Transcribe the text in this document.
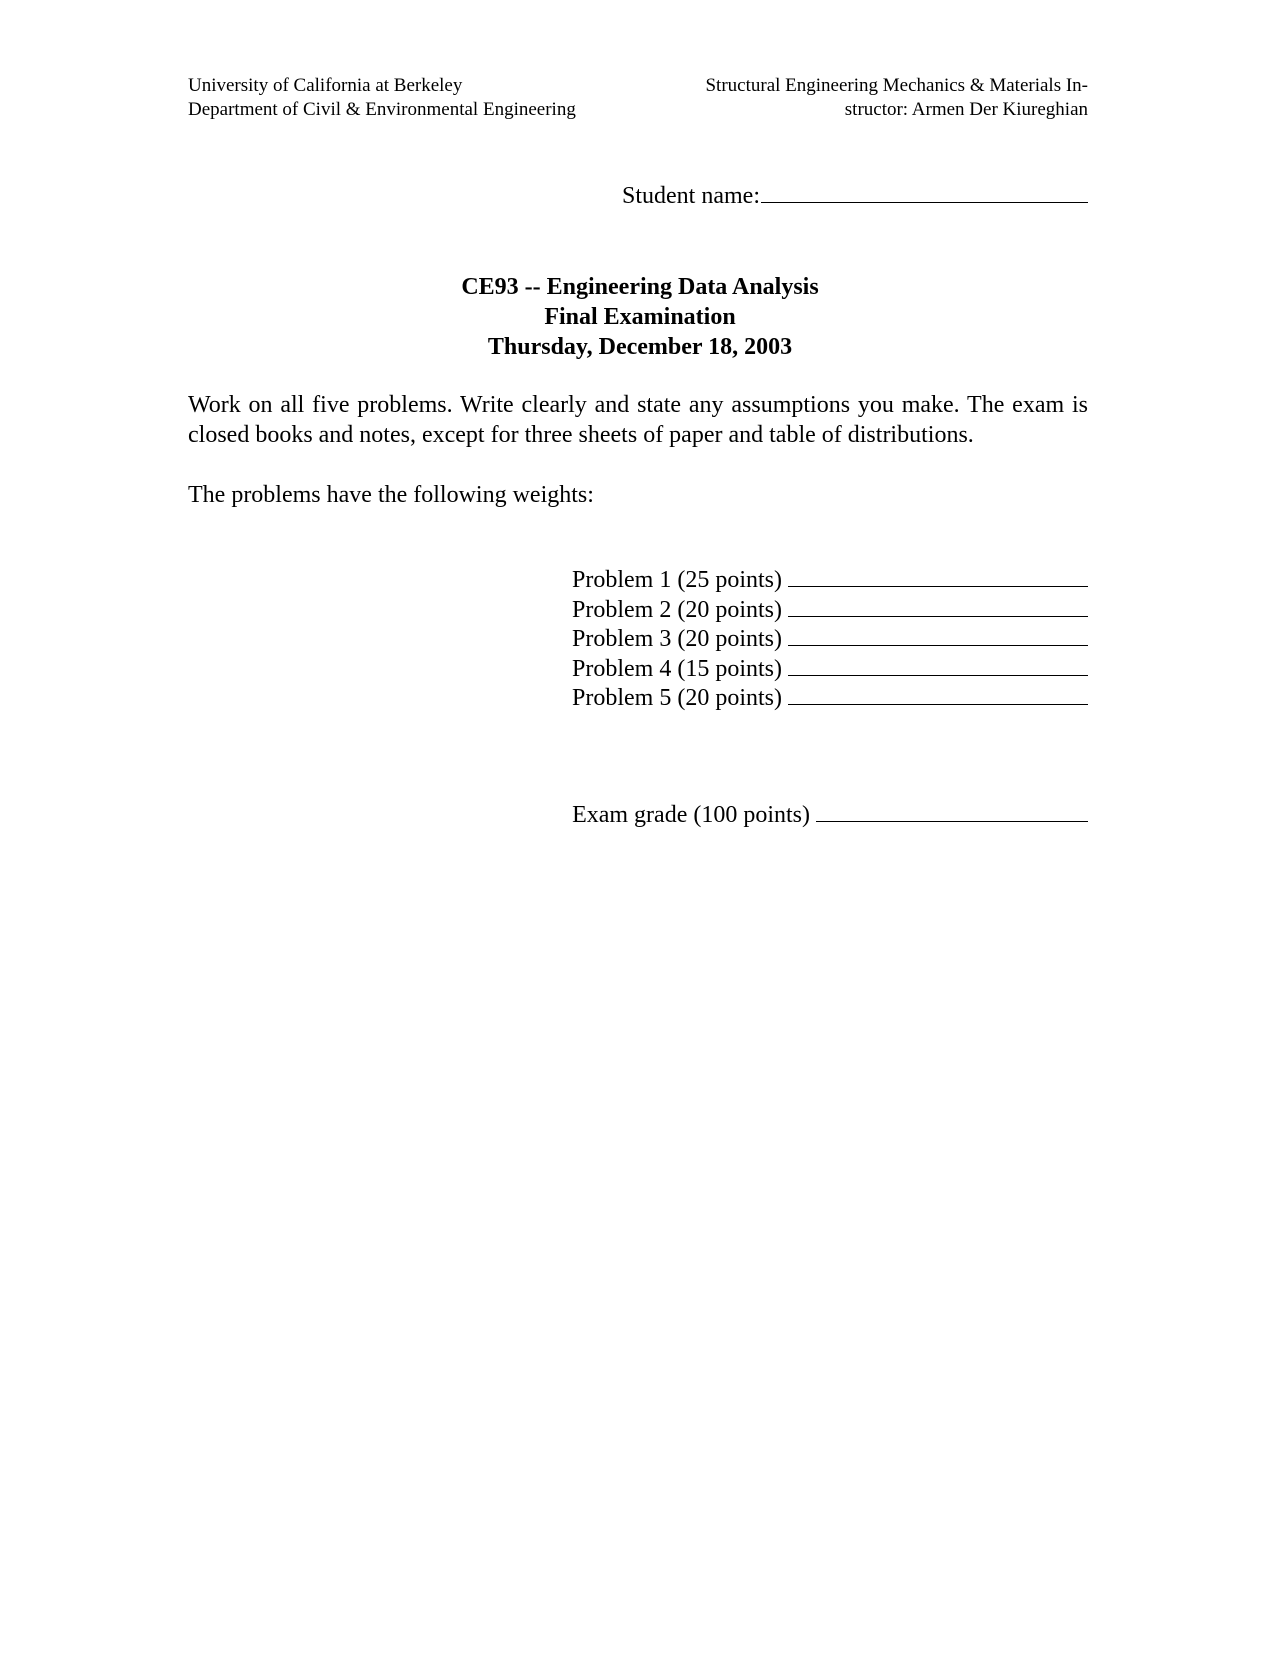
University of California at Berkeley
Department of Civil & Environmental Engineering
Structural Engineering Mechanics & Materials In-
structor: Armen Der Kiureghian
Student name:
CE93 -- Engineering Data Analysis
Final Examination
Thursday, December 18, 2003
Work on all five problems. Write clearly and state any assumptions you make. The exam is closed books and notes, except for three sheets of paper and table of distributions.
The problems have the following weights:
Problem 1 (25 points)
Problem 2 (20 points)
Problem 3 (20 points)
Problem 4 (15 points)
Problem 5 (20 points)
Exam grade (100 points)
